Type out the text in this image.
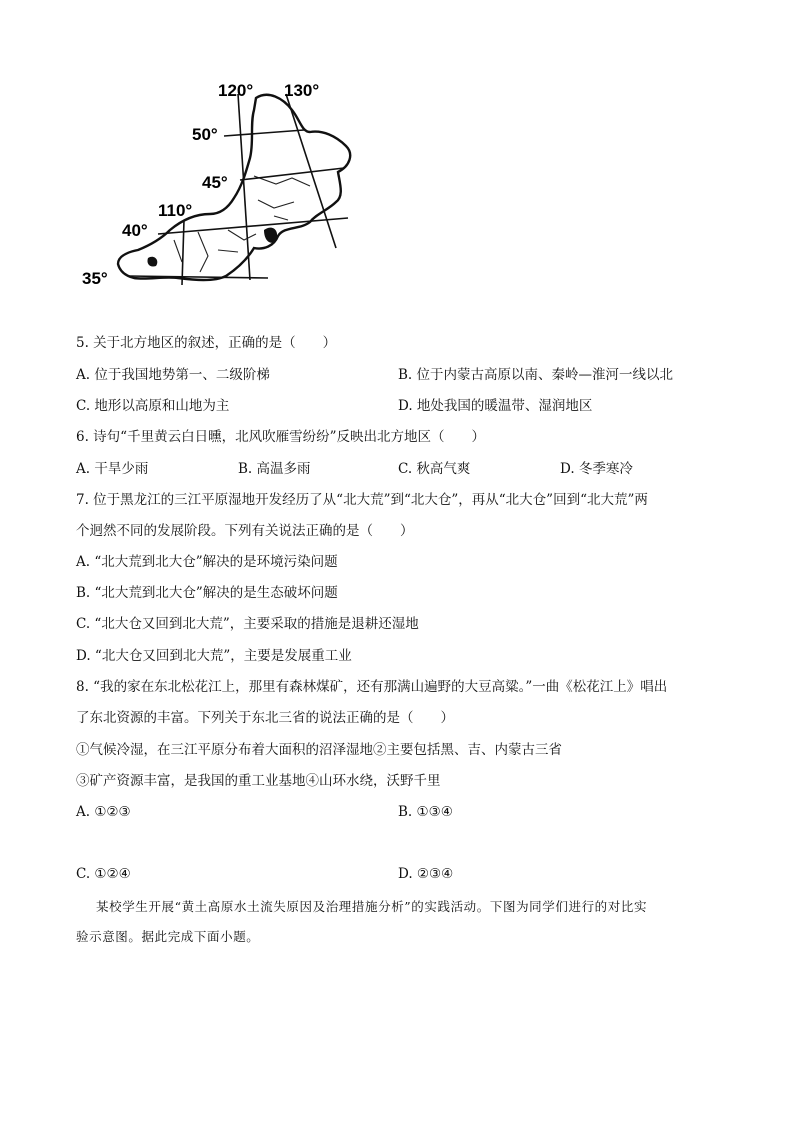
120° 130°
50°
45°
110°
40°
35°
5. 关于北方地区的叙述，正确的是（　　）
A. 位于我国地势第一、二级阶梯	B. 位于内蒙古高原以南、秦岭—淮河一线以北
C. 地形以高原和山地为主	D. 地处我国的暖温带、湿润地区
6. 诗句“千里黄云白日曛，北风吹雁雪纷纷”反映出北方地区（　　）
A. 干旱少雨	B. 高温多雨	C. 秋高气爽	D. 冬季寒冷
7. 位于黑龙江的三江平原湿地开发经历了从“北大荒”到“北大仓”，再从“北大仓”回到“北大荒”两
个迥然不同的发展阶段。下列有关说法正确的是（　　）
A. “北大荒到北大仓”解决的是环境污染问题
B. “北大荒到北大仓”解决的是生态破坏问题
C. “北大仓又回到北大荒”，主要采取的措施是退耕还湿地
D. “北大仓又回到北大荒”，主要是发展重工业
8. “我的家在东北松花江上，那里有森林煤矿，还有那满山遍野的大豆高粱。”一曲《松花江上》唱出
了东北资源的丰富。下列关于东北三省的说法正确的是（　　）
①气候冷湿，在三江平原分布着大面积的沼泽湿地②主要包括黑、吉、内蒙古三省
③矿产资源丰富，是我国的重工业基地④山环水绕，沃野千里
A. ①②③	B. ①③④
C. ①②④	D. ②③④
某校学生开展“黄土高原水土流失原因及治理措施分析”的实践活动。下图为同学们进行的对比实
验示意图。据此完成下面小题。
